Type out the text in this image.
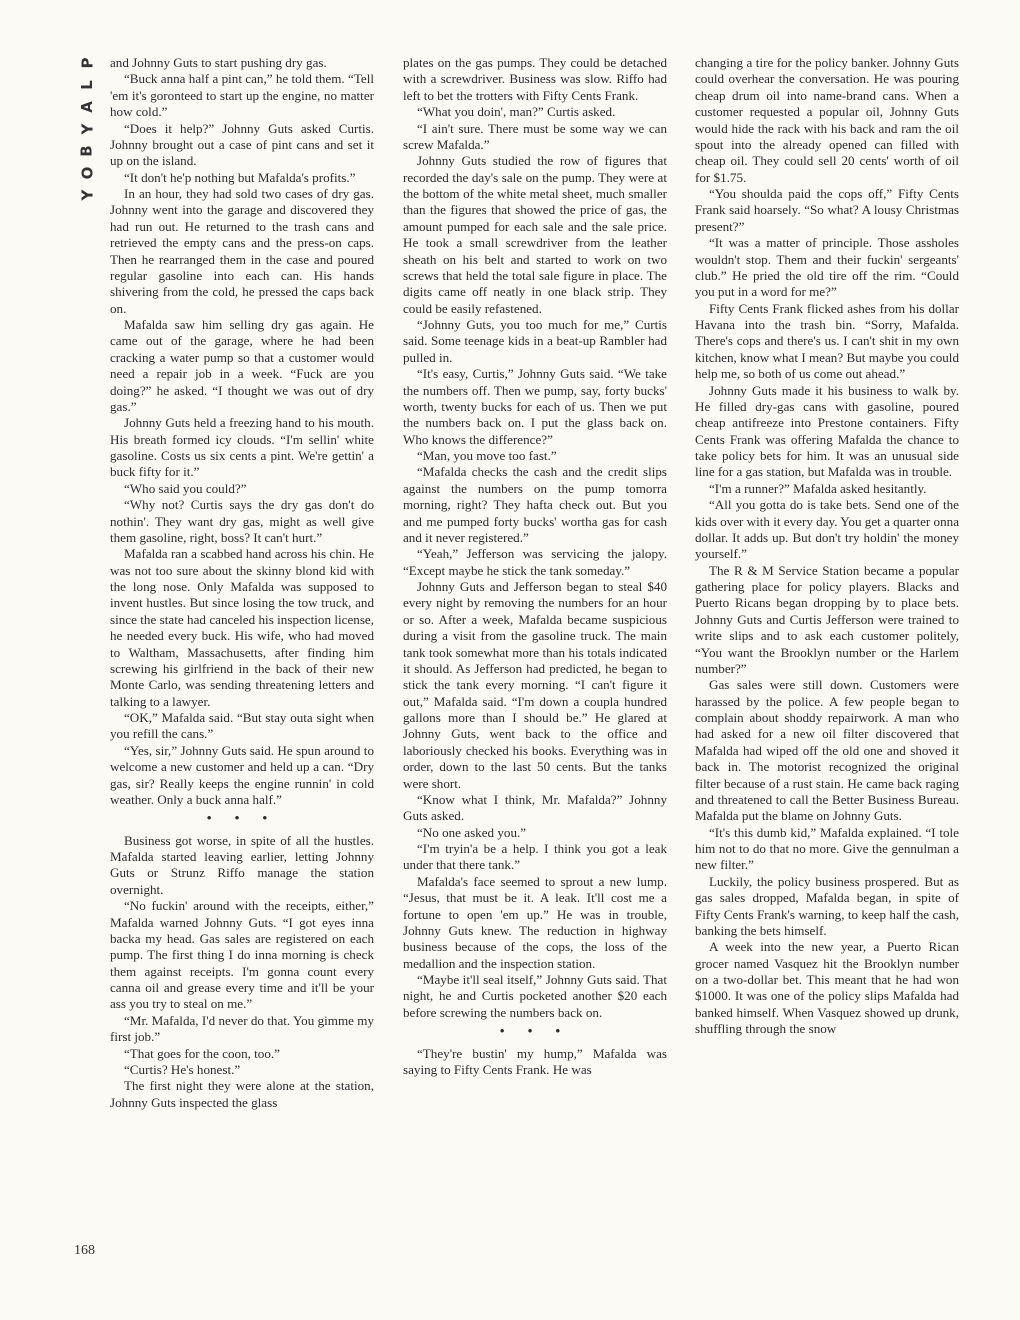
P
L
A
Y
B
O
Y

and Johnny Guts to start pushing dry gas.

“Buck anna half a pint can,” he told them. “Tell 'em it's goronteed to start up the engine, no matter how cold.”

“Does it help?” Johnny Guts asked Curtis. Johnny brought out a case of pint cans and set it up on the island.

“It don't he'p nothing but Mafalda's profits.”

In an hour, they had sold two cases of dry gas. Johnny went into the garage and discovered they had run out. He returned to the trash cans and retrieved the empty cans and the press-on caps. Then he rearranged them in the case and poured regular gasoline into each can. His hands shivering from the cold, he pressed the caps back on.

Mafalda saw him selling dry gas again. He came out of the garage, where he had been cracking a water pump so that a customer would need a repair job in a week. “Fuck are you doing?” he asked. “I thought we was out of dry gas.”

Johnny Guts held a freezing hand to his mouth. His breath formed icy clouds. “I'm sellin' white gasoline. Costs us six cents a pint. We're gettin' a buck fifty for it.”

“Who said you could?”

“Why not? Curtis says the dry gas don't do nothin'. They want dry gas, might as well give them gasoline, right, boss? It can't hurt.”

Mafalda ran a scabbed hand across his chin. He was not too sure about the skinny blond kid with the long nose. Only Mafalda was supposed to invent hustles. But since losing the tow truck, and since the state had canceled his inspection license, he needed every buck. His wife, who had moved to Waltham, Massachusetts, after finding him screwing his girlfriend in the back of their new Monte Carlo, was sending threatening letters and talking to a lawyer.

“OK,” Mafalda said. “But stay outa sight when you refill the cans.”

“Yes, sir,” Johnny Guts said. He spun around to welcome a new customer and held up a can. “Dry gas, sir? Really keeps the engine runnin' in cold weather. Only a buck anna half.”

• • •

Business got worse, in spite of all the hustles. Mafalda started leaving earlier, letting Johnny Guts or Strunz Riffo manage the station overnight.

“No fuckin' around with the receipts, either,” Mafalda warned Johnny Guts. “I got eyes inna backa my head. Gas sales are registered on each pump. The first thing I do inna morning is check them against receipts. I'm gonna count every canna oil and grease every time and it'll be your ass you try to steal on me.”

“Mr. Mafalda, I'd never do that. You gimme my first job.”

“That goes for the coon, too.”

“Curtis? He's honest.”

The first night they were alone at the station, Johnny Guts inspected the glass

plates on the gas pumps. They could be detached with a screwdriver. Business was slow. Riffo had left to bet the trotters with Fifty Cents Frank.

“What you doin', man?” Curtis asked.

“I ain't sure. There must be some way we can screw Mafalda.”

Johnny Guts studied the row of figures that recorded the day's sale on the pump. They were at the bottom of the white metal sheet, much smaller than the figures that showed the price of gas, the amount pumped for each sale and the sale price. He took a small screwdriver from the leather sheath on his belt and started to work on two screws that held the total sale figure in place. The digits came off neatly in one black strip. They could be easily refastened.

“Johnny Guts, you too much for me,” Curtis said. Some teenage kids in a beat-up Rambler had pulled in.

“It's easy, Curtis,” Johnny Guts said. “We take the numbers off. Then we pump, say, forty bucks' worth, twenty bucks for each of us. Then we put the numbers back on. I put the glass back on. Who knows the difference?”

“Man, you move too fast.”

“Mafalda checks the cash and the credit slips against the numbers on the pump tomorra morning, right? They hafta check out. But you and me pumped forty bucks' wortha gas for cash and it never registered.”

“Yeah,” Jefferson was servicing the jalopy. “Except maybe he stick the tank someday.”

Johnny Guts and Jefferson began to steal $40 every night by removing the numbers for an hour or so. After a week, Mafalda became suspicious during a visit from the gasoline truck. The main tank took somewhat more than his totals indicated it should. As Jefferson had predicted, he began to stick the tank every morning. “I can't figure it out,” Mafalda said. “I'm down a coupla hundred gallons more than I should be.” He glared at Johnny Guts, went back to the office and laboriously checked his books. Everything was in order, down to the last 50 cents. But the tanks were short.

“Know what I think, Mr. Mafalda?” Johnny Guts asked.

“No one asked you.”

“I'm tryin'a be a help. I think you got a leak under that there tank.”

Mafalda's face seemed to sprout a new lump. “Jesus, that must be it. A leak. It'll cost me a fortune to open 'em up.” He was in trouble, Johnny Guts knew. The reduction in highway business because of the cops, the loss of the medallion and the inspection station.

“Maybe it'll seal itself,” Johnny Guts said. That night, he and Curtis pocketed another $20 each before screwing the numbers back on.

• • •

“They're bustin' my hump,” Mafalda was saying to Fifty Cents Frank. He was

changing a tire for the policy banker. Johnny Guts could overhear the conversation. He was pouring cheap drum oil into name-brand cans. When a customer requested a popular oil, Johnny Guts would hide the rack with his back and ram the oil spout into the already opened can filled with cheap oil. They could sell 20 cents' worth of oil for $1.75.

“You shoulda paid the cops off,” Fifty Cents Frank said hoarsely. “So what? A lousy Christmas present?”

“It was a matter of principle. Those assholes wouldn't stop. Them and their fuckin' sergeants' club.” He pried the old tire off the rim. “Could you put in a word for me?”

Fifty Cents Frank flicked ashes from his dollar Havana into the trash bin. “Sorry, Mafalda. There's cops and there's us. I can't shit in my own kitchen, know what I mean? But maybe you could help me, so both of us come out ahead.”

Johnny Guts made it his business to walk by. He filled dry-gas cans with gasoline, poured cheap antifreeze into Prestone containers. Fifty Cents Frank was offering Mafalda the chance to take policy bets for him. It was an unusual side line for a gas station, but Mafalda was in trouble.

“I'm a runner?” Mafalda asked hesitantly.

“All you gotta do is take bets. Send one of the kids over with it every day. You get a quarter onna dollar. It adds up. But don't try holdin' the money yourself.”

The R & M Service Station became a popular gathering place for policy players. Blacks and Puerto Ricans began dropping by to place bets. Johnny Guts and Curtis Jefferson were trained to write slips and to ask each customer politely, “You want the Brooklyn number or the Harlem number?”

Gas sales were still down. Customers were harassed by the police. A few people began to complain about shoddy repairwork. A man who had asked for a new oil filter discovered that Mafalda had wiped off the old one and shoved it back in. The motorist recognized the original filter because of a rust stain. He came back raging and threatened to call the Better Business Bureau. Mafalda put the blame on Johnny Guts.

“It's this dumb kid,” Mafalda explained. “I tole him not to do that no more. Give the gennulman a new filter.”

Luckily, the policy business prospered. But as gas sales dropped, Mafalda began, in spite of Fifty Cents Frank's warning, to keep half the cash, banking the bets himself.

A week into the new year, a Puerto Rican grocer named Vasquez hit the Brooklyn number on a two-dollar bet. This meant that he had won $1000. It was one of the policy slips Mafalda had banked himself. When Vasquez showed up drunk, shuffling through the snow

168
